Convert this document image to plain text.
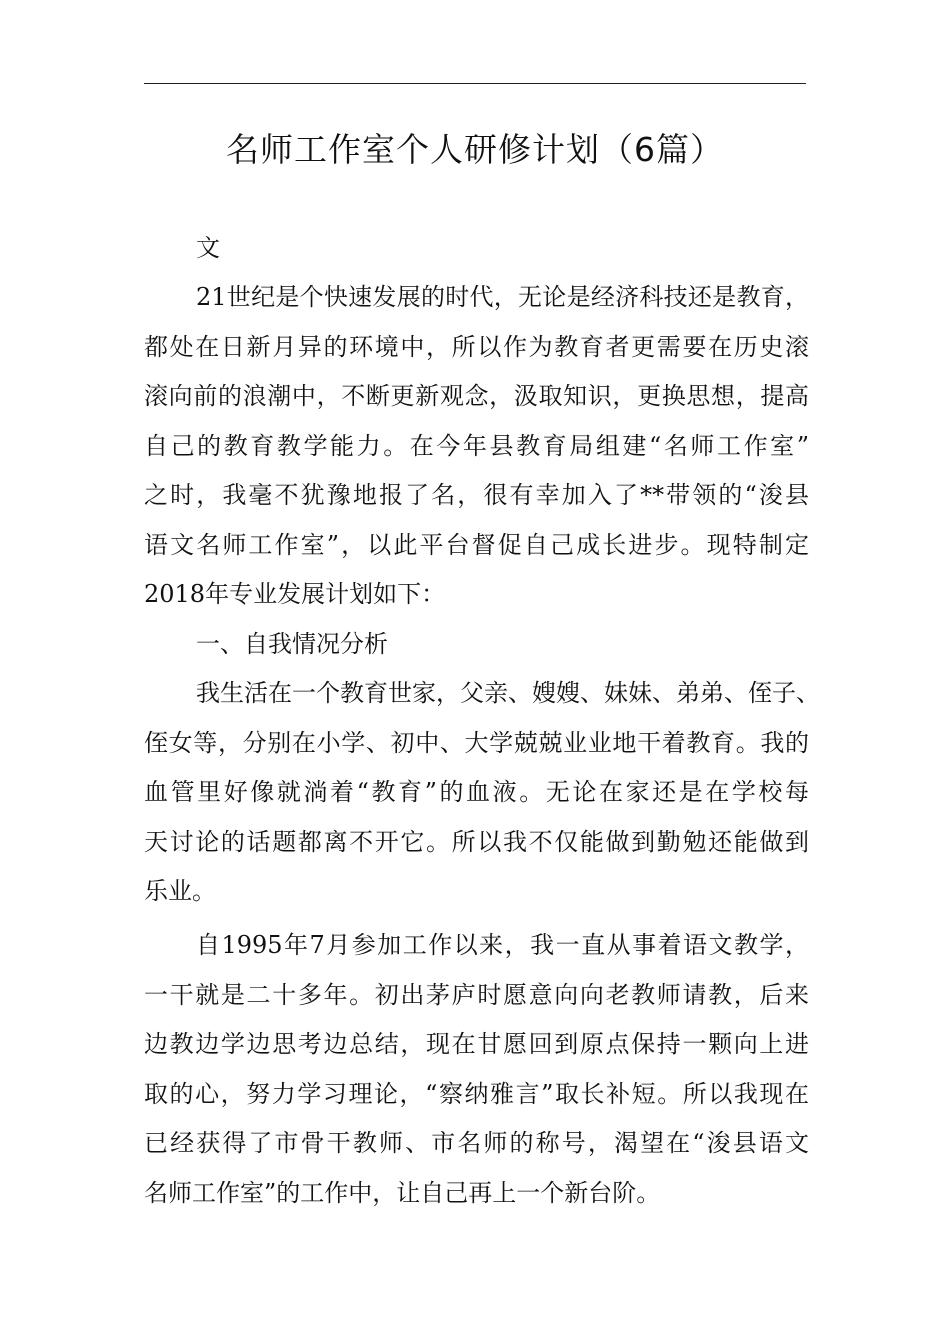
名师工作室个人研修计划（6篇）
文
21世纪是个快速发展的时代，无论是经济科技还是教育，
都处在日新月异的环境中，所以作为教育者更需要在历史滚
滚向前的浪潮中，不断更新观念，汲取知识，更换思想，提高
自己的教育教学能力。在今年县教育局组建“名师工作室”
之时，我毫不犹豫地报了名，很有幸加入了**带领的“浚县
语文名师工作室”，以此平台督促自己成长进步。现特制定
2018年专业发展计划如下：
一、自我情况分析
我生活在一个教育世家，父亲、嫂嫂、妹妹、弟弟、侄子、
侄女等，分别在小学、初中、大学兢兢业业地干着教育。我的
血管里好像就淌着“教育”的血液。无论在家还是在学校每
天讨论的话题都离不开它。所以我不仅能做到勤勉还能做到
乐业。
自1995年7月参加工作以来，我一直从事着语文教学，
一干就是二十多年。初出茅庐时愿意向向老教师请教，后来
边教边学边思考边总结，现在甘愿回到原点保持一颗向上进
取的心，努力学习理论，“察纳雅言”取长补短。所以我现在
已经获得了市骨干教师、市名师的称号，渴望在“浚县语文
名师工作室”的工作中，让自己再上一个新台阶。
